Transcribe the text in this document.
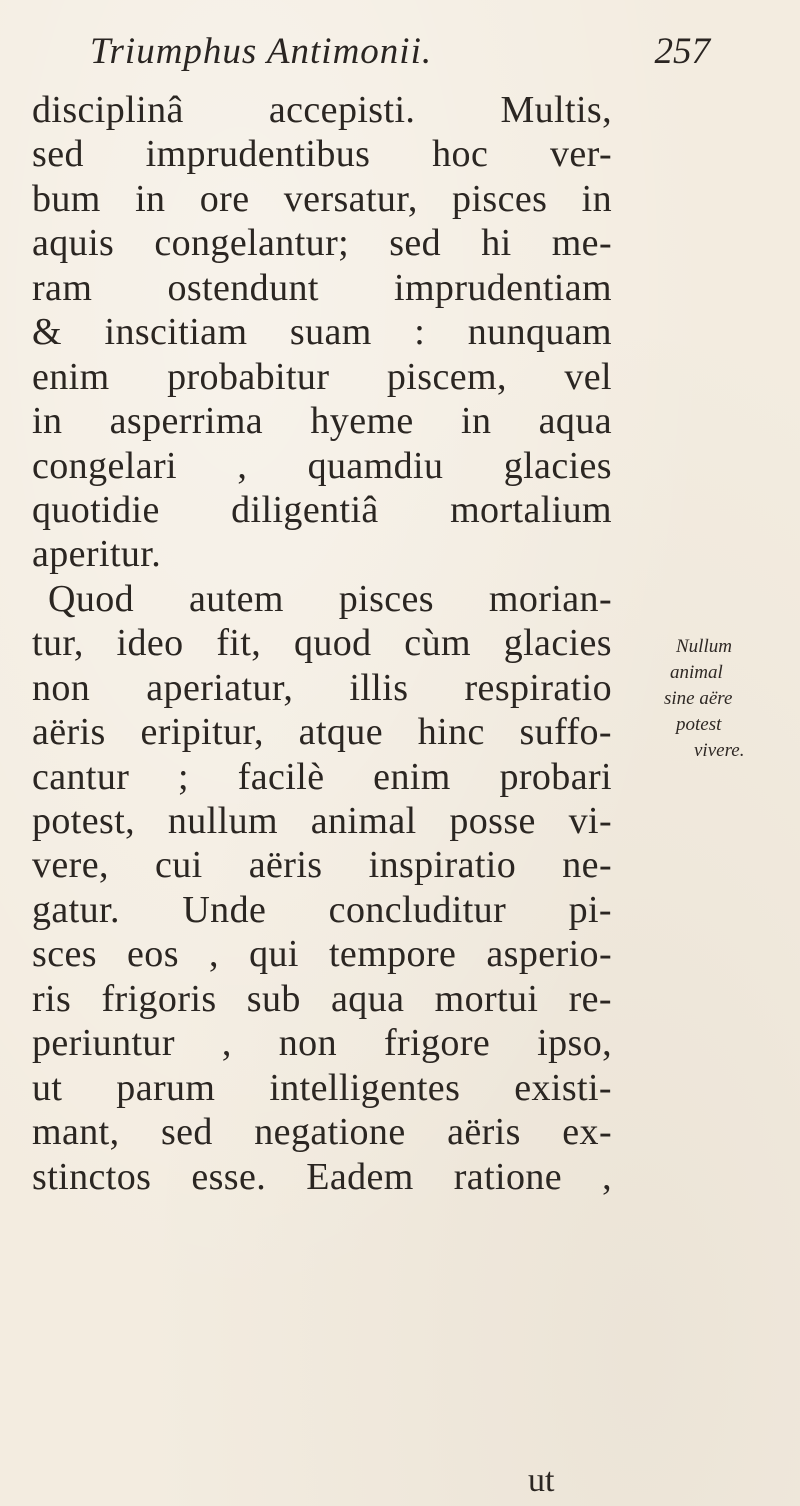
Triumphus Antimonii.	257
disciplinâ accepisti. Multis,
sed imprudentibus hoc ver-
bum in ore versatur, pisces in
aquis congelantur; sed hi me-
ram ostendunt imprudentiam
& inscitiam suam : nunquam
enim probabitur piscem, vel
in asperrima hyeme in aqua
congelari , quamdiu glacies
quotidie diligentiâ mortalium
aperitur.
Quod autem pisces morian-
tur, ideo fit, quod cùm glacies
non aperiatur, illis respiratio
aëris eripitur, atque hinc suffo-
cantur ; facilè enim probari
potest, nullum animal posse vi-
vere, cui aëris inspiratio ne-
gatur. Unde concluditur pi-
sces eos , qui tempore asperio-
ris frigoris sub aqua mortui re-
periuntur , non frigore ipso,
ut parum intelligentes existi-
mant, sed negatione aëris ex-
stinctos esse. Eadem ratione ,
Nullum
animal
sine aëre
potest
vivere.
ut
